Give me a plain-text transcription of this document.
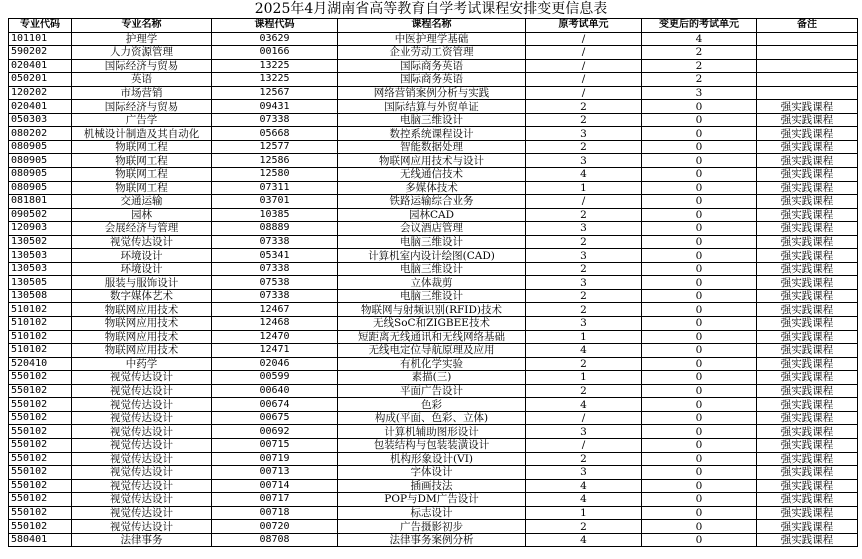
2025年4月湖南省高等教育自学考试课程安排变更信息表
专业代码	专业名称	课程代码	课程名称	原考试单元	变更后的考试单元	备注
101101	护理学	03629	中医护理学基础	/	4	
590202	人力资源管理	00166	企业劳动工资管理	/	2	
020401	国际经济与贸易	13225	国际商务英语	/	2	
050201	英语	13225	国际商务英语	/	2	
120202	市场营销	12567	网络营销案例分析与实践	/	3	
020401	国际经济与贸易	09431	国际结算与外贸单证	2	0	强实践课程
050303	广告学	07338	电脑三维设计	2	0	强实践课程
080202	机械设计制造及其自动化	05668	数控系统课程设计	3	0	强实践课程
080905	物联网工程	12577	智能数据处理	2	0	强实践课程
080905	物联网工程	12586	物联网应用技术与设计	3	0	强实践课程
080905	物联网工程	12580	无线通信技术	4	0	强实践课程
080905	物联网工程	07311	多媒体技术	1	0	强实践课程
081801	交通运输	03701	铁路运输综合业务	/	0	强实践课程
090502	园林	10385	园林CAD	2	0	强实践课程
120903	会展经济与管理	08889	会议酒店管理	3	0	强实践课程
130502	视觉传达设计	07338	电脑三维设计	2	0	强实践课程
130503	环境设计	05341	计算机室内设计绘图(CAD)	3	0	强实践课程
130503	环境设计	07338	电脑三维设计	2	0	强实践课程
130505	服装与服饰设计	07538	立体裁剪	3	0	强实践课程
130508	数字媒体艺术	07338	电脑三维设计	2	0	强实践课程
510102	物联网应用技术	12467	物联网与射频识别(RFID)技术	2	0	强实践课程
510102	物联网应用技术	12468	无线SoC和ZIGBEE技术	3	0	强实践课程
510102	物联网应用技术	12470	短距离无线通讯和无线网络基础	1	0	强实践课程
510102	物联网应用技术	12471	无线电定位导航原理及应用	4	0	强实践课程
520410	中药学	02046	有机化学实验	2	0	强实践课程
550102	视觉传达设计	00599	素描(三)	1	0	强实践课程
550102	视觉传达设计	00640	平面广告设计	2	0	强实践课程
550102	视觉传达设计	00674	色彩	4	0	强实践课程
550102	视觉传达设计	00675	构成(平面、色彩、立体)	/	0	强实践课程
550102	视觉传达设计	00692	计算机辅助图形设计	3	0	强实践课程
550102	视觉传达设计	00715	包装结构与包装装潢设计	/	0	强实践课程
550102	视觉传达设计	00719	机构形象设计(VI)	2	0	强实践课程
550102	视觉传达设计	00713	字体设计	3	0	强实践课程
550102	视觉传达设计	00714	插画技法	4	0	强实践课程
550102	视觉传达设计	00717	POP与DM广告设计	4	0	强实践课程
550102	视觉传达设计	00718	标志设计	1	0	强实践课程
550102	视觉传达设计	00720	广告摄影初步	2	0	强实践课程
580401	法律事务	08708	法律事务案例分析	4	0	强实践课程
